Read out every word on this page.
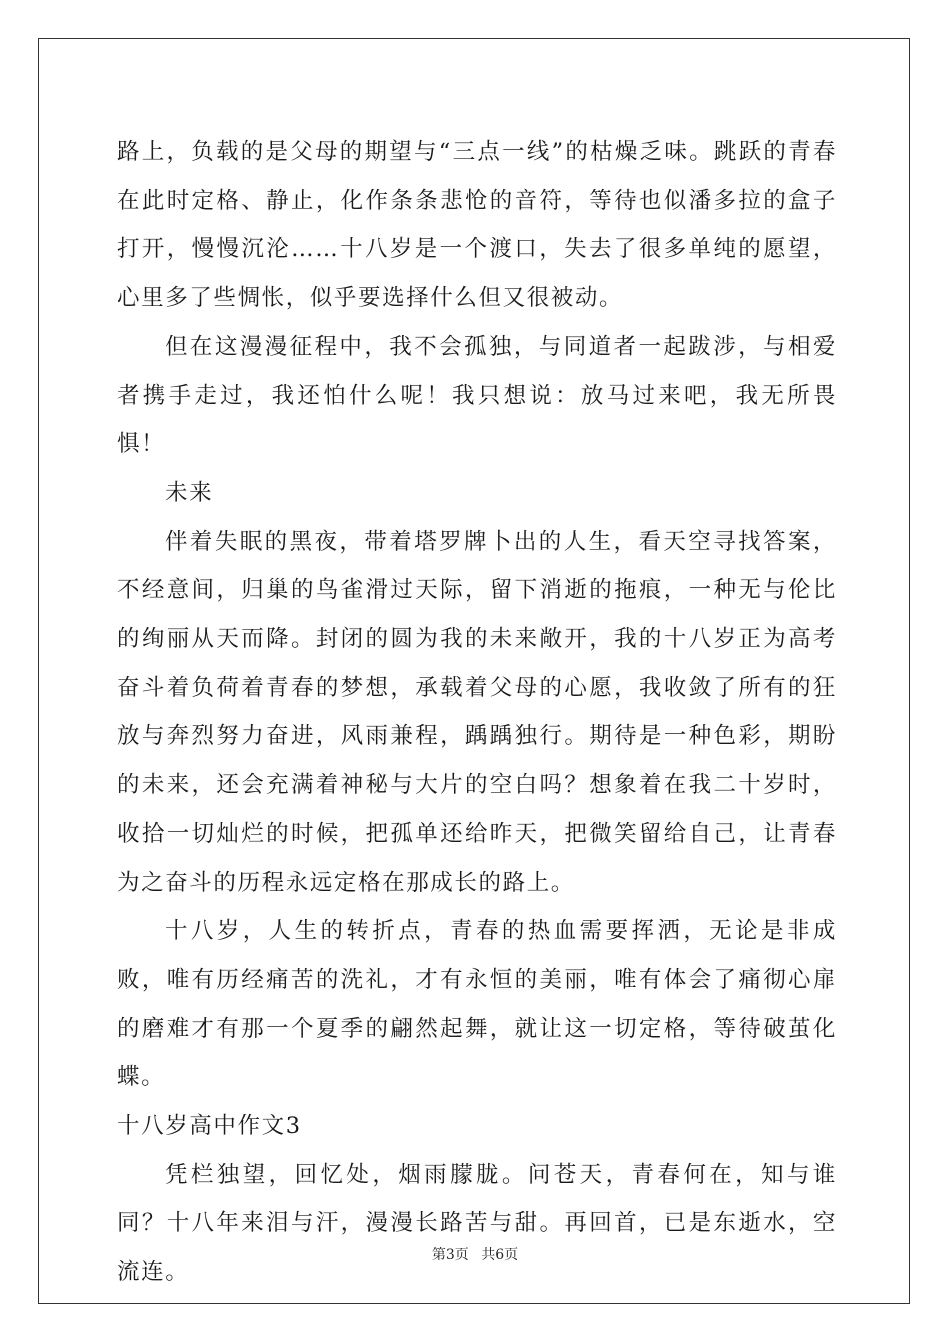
路上，负载的是父母的期望与“三点一线”的枯燥乏味。跳跃的青春在此时定格、静止，化作条条悲怆的音符，等待也似潘多拉的盒子打开，慢慢沉沦……十八岁是一个渡口，失去了很多单纯的愿望，心里多了些惆怅，似乎要选择什么但又很被动。

但在这漫漫征程中，我不会孤独，与同道者一起跋涉，与相爱者携手走过，我还怕什么呢！我只想说：放马过来吧，我无所畏惧！

未来

伴着失眠的黑夜，带着塔罗牌卜出的人生，看天空寻找答案，不经意间，归巢的鸟雀滑过天际，留下消逝的拖痕，一种无与伦比的绚丽从天而降。封闭的圆为我的未来敞开，我的十八岁正为高考奋斗着负荷着青春的梦想，承载着父母的心愿，我收敛了所有的狂放与奔烈努力奋进，风雨兼程，踽踽独行。期待是一种色彩，期盼的未来，还会充满着神秘与大片的空白吗？想象着在我二十岁时，收拾一切灿烂的时候，把孤单还给昨天，把微笑留给自己，让青春为之奋斗的历程永远定格在那成长的路上。

十八岁，人生的转折点，青春的热血需要挥洒，无论是非成败，唯有历经痛苦的洗礼，才有永恒的美丽，唯有体会了痛彻心扉的磨难才有那一个夏季的翩然起舞，就让这一切定格，等待破茧化蝶。

十八岁高中作文3

凭栏独望，回忆处，烟雨朦胧。问苍天，青春何在，知与谁同？十八年来泪与汗，漫漫长路苦与甜。再回首，已是东逝水，空流连。

第3页 共6页
